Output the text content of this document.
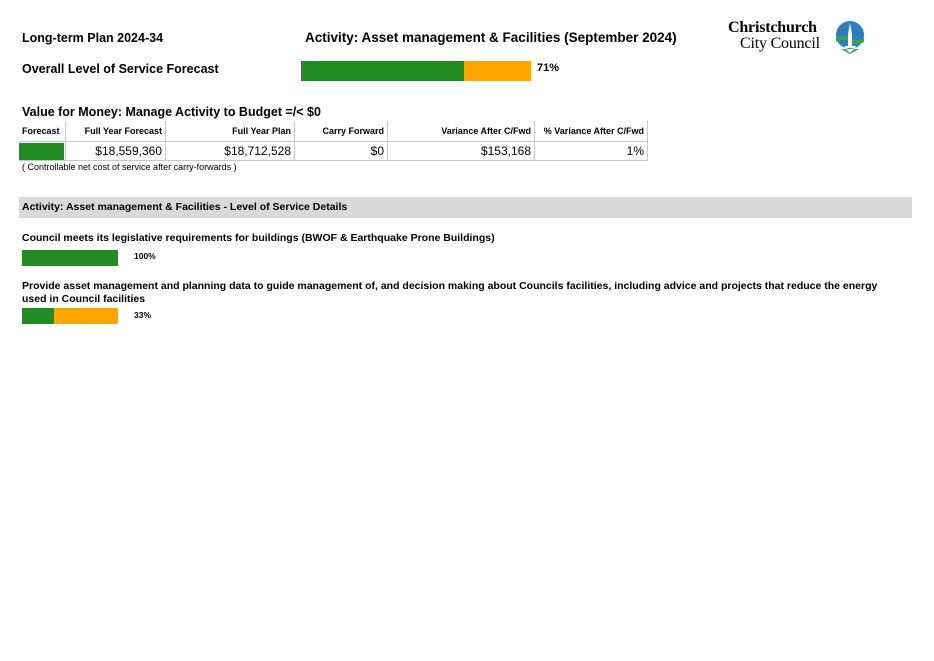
Long-term Plan 2024-34	Activity: Asset management & Facilities (September 2024)
Christchurch
City Council
Overall Level of Service Forecast	71%
Value for Money: Manage Activity to Budget =/< $0
Forecast	Full Year Forecast	Full Year Plan	Carry Forward	Variance After C/Fwd	% Variance After C/Fwd

	$18,559,360	$18,712,528	$0	$153,168	1%
( Controllable net cost of service after carry-forwards )
Activity: Asset management & Facilities - Level of Service Details
Council meets its legislative requirements for buildings (BWOF & Earthquake Prone Buildings)
100%
Provide asset management and planning data to guide management of, and decision making about Councils facilities, including advice and projects that reduce the energy used in Council facilities
33%
